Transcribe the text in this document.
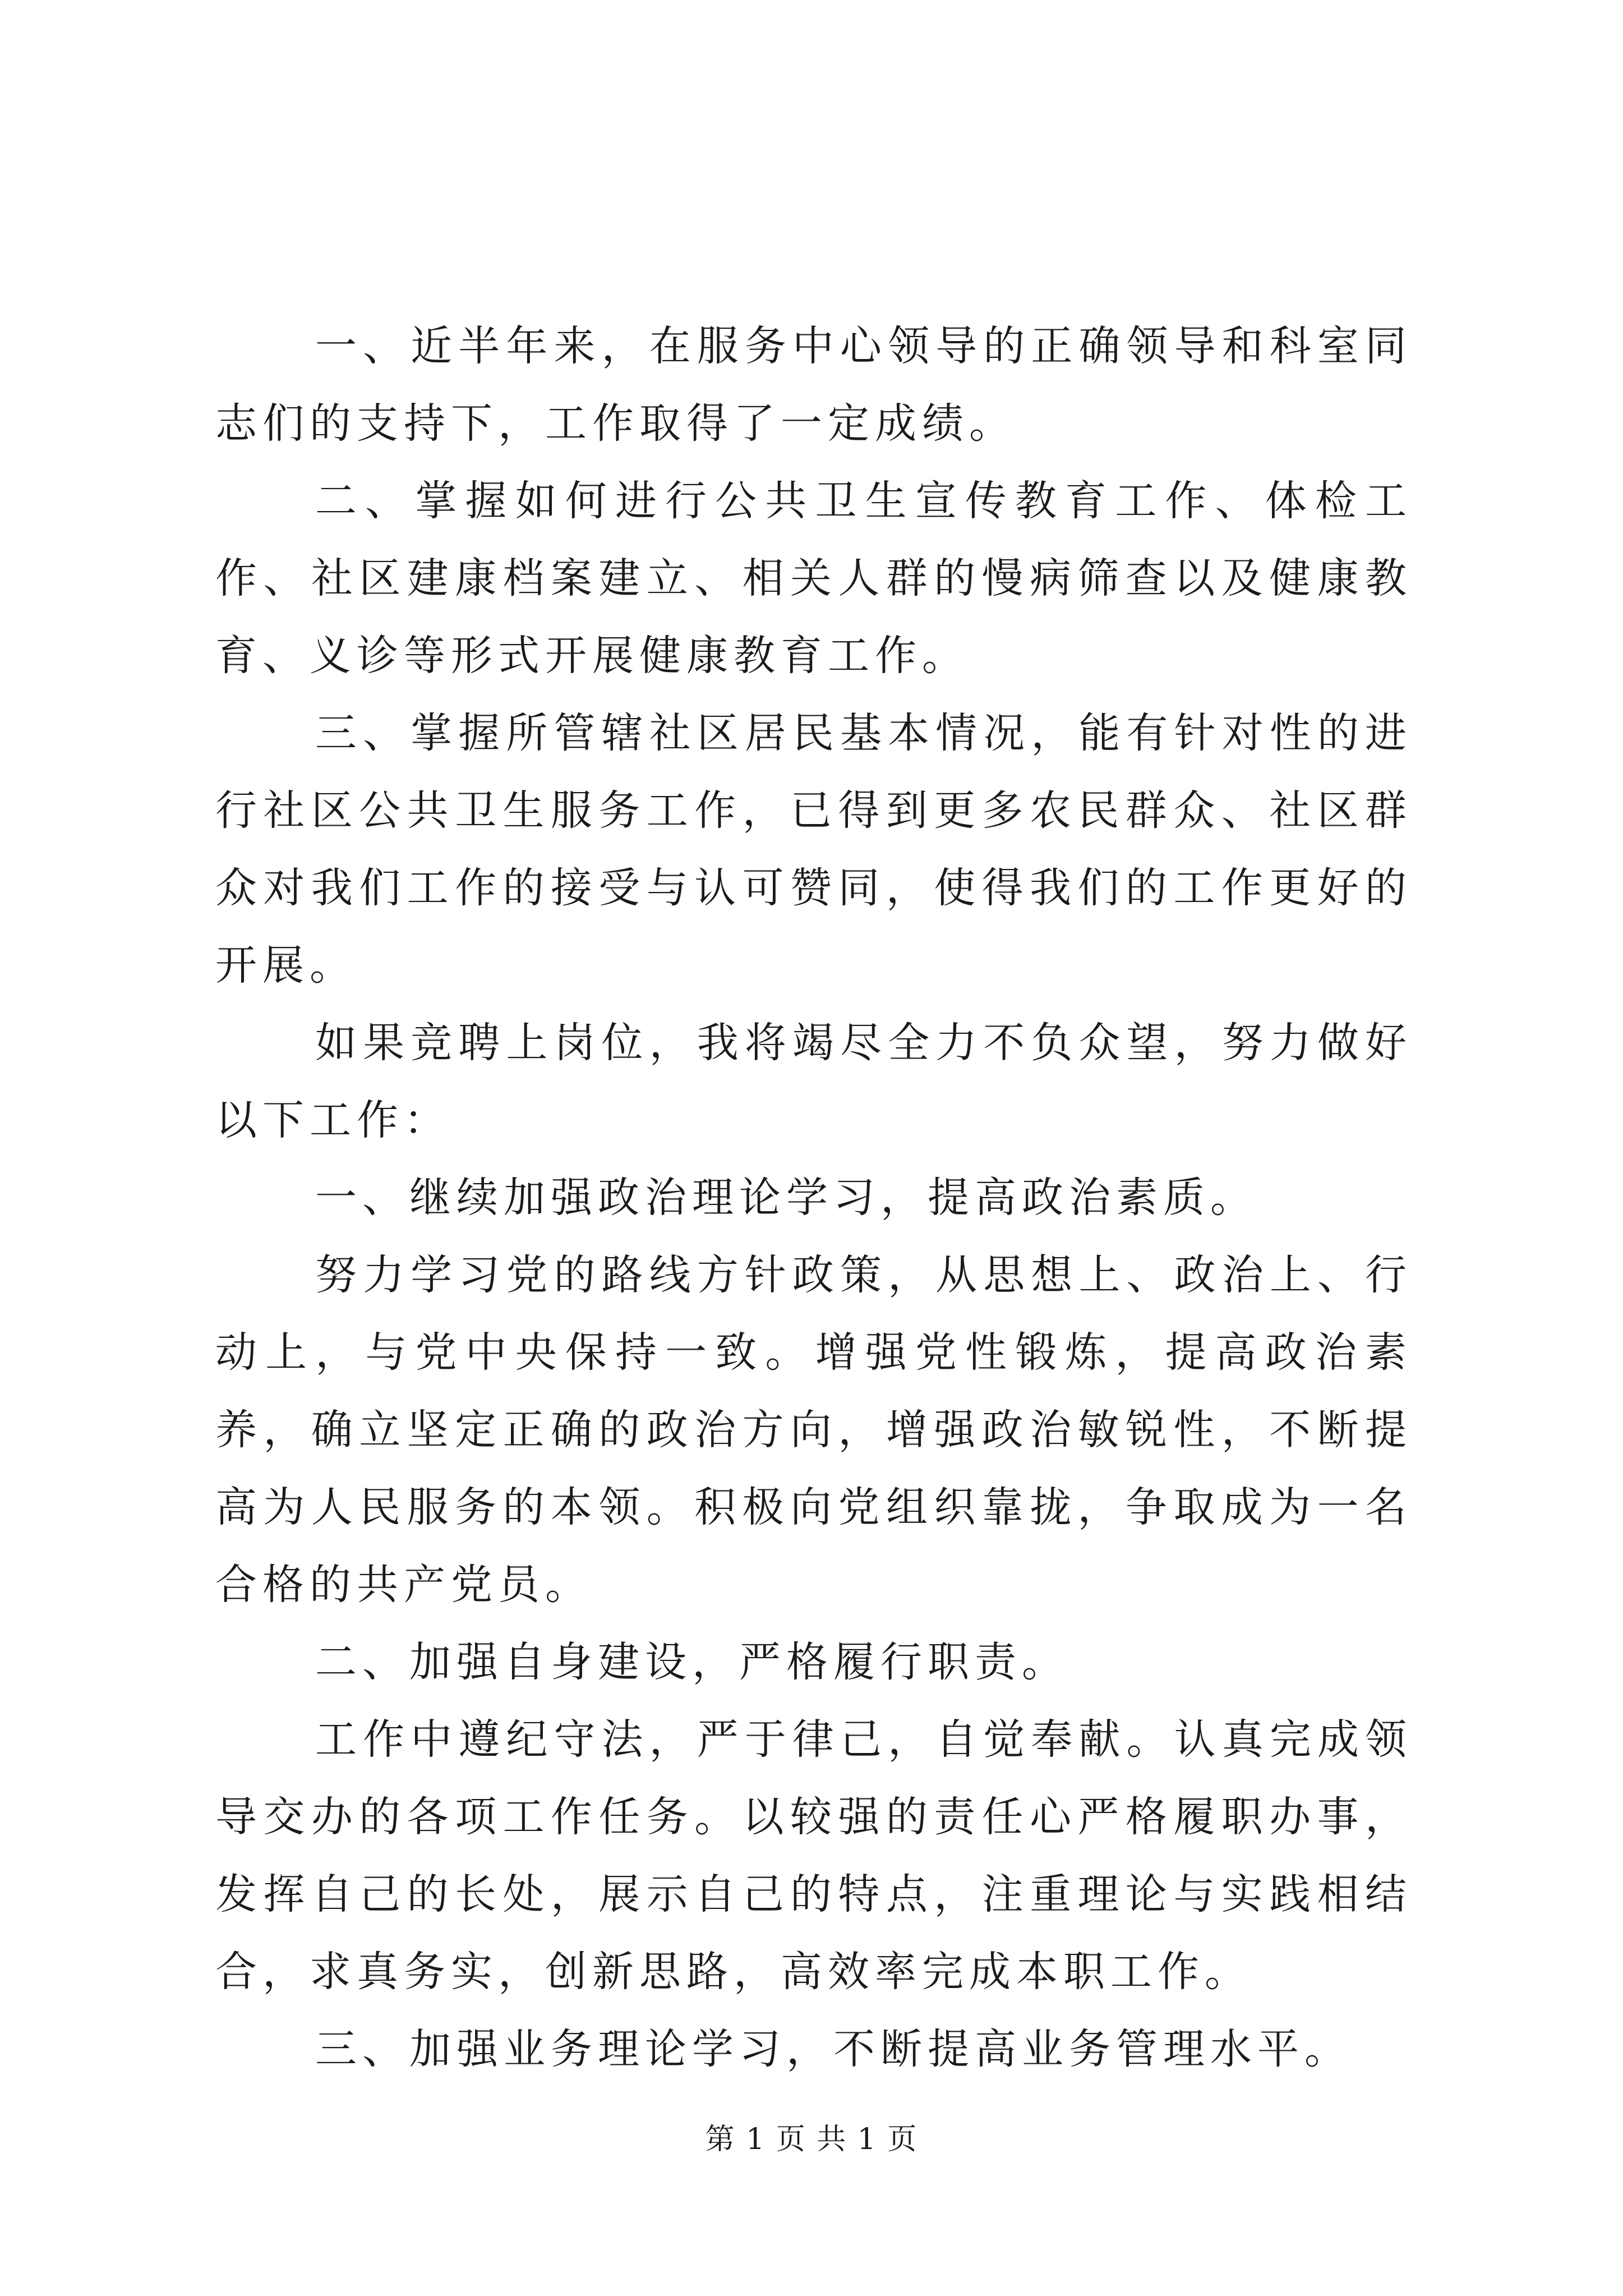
一、近半年来，在服务中心领导的正确领导和科室同志们的支持下，工作取得了一定成绩。

二、掌握如何进行公共卫生宣传教育工作、体检工作、社区建康档案建立、相关人群的慢病筛查以及健康教育、义诊等形式开展健康教育工作。

三、掌握所管辖社区居民基本情况，能有针对性的进行社区公共卫生服务工作，已得到更多农民群众、社区群众对我们工作的接受与认可赞同，使得我们的工作更好的开展。

如果竞聘上岗位，我将竭尽全力不负众望，努力做好以下工作：

一、继续加强政治理论学习，提高政治素质。

努力学习党的路线方针政策，从思想上、政治上、行动上，与党中央保持一致。增强党性锻炼，提高政治素养，确立坚定正确的政治方向，增强政治敏锐性，不断提高为人民服务的本领。积极向党组织靠拢，争取成为一名合格的共产党员。

二、加强自身建设，严格履行职责。

工作中遵纪守法，严于律己，自觉奉献。认真完成领导交办的各项工作任务。以较强的责任心严格履职办事，发挥自己的长处，展示自己的特点，注重理论与实践相结合，求真务实，创新思路，高效率完成本职工作。

三、加强业务理论学习，不断提高业务管理水平。

第 1 页 共 1 页
